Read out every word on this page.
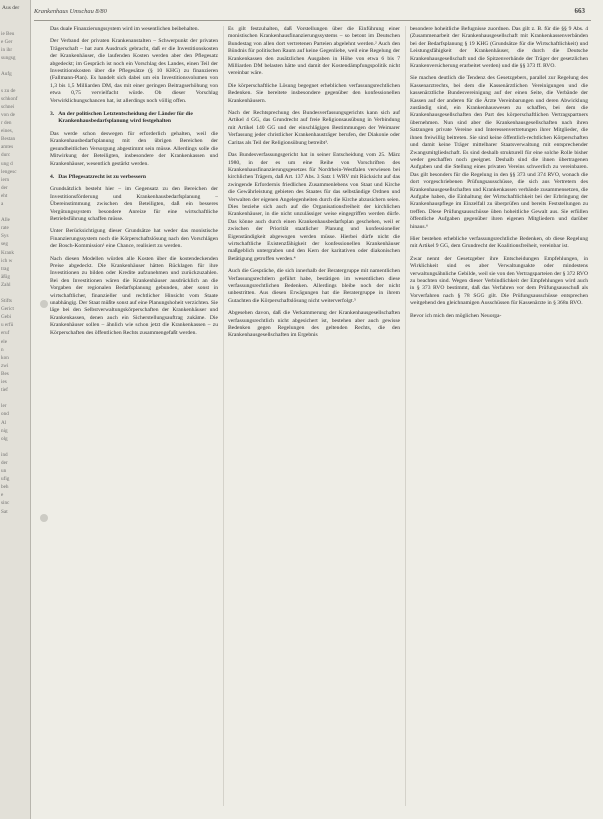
Aus der
ie Beu
e Ger
in ihr
sungsg

Aufg

s zu de
schkonf
schnei
von de
r den
eines,
Bestan
amtes
durc
ung d
lengesc
iern
der
eht
a

Alle
rate
Sys
seg
Krank
ich w
trag
äßig
Zahl

Stifts
Gerict
Gebi
u erfü
eruf
ele
n
kon
zwi
Bes
ies
tief

ler
ond
Al
nig
olg

ind
der
un
ufig
beh
e
sinc
Sat
Krankenhaus Umschau 8/80	663

Das duale Finanzierungssystem wird im wesentlichen beibehalten.

Der Verband der privaten Krankenanstalten – Schwerpunkt der privaten Trägerschaft – hat zum Ausdruck gebracht, daß er die Investitionskosten der Krankenhäuser, die laufenden Kosten werden aber den Pflegesatz abgedeckt; im Gespräch ist noch ein Vorschlag des Landes, einen Teil der Investitionskosten über die Pflegesätze (§ 10 KHG) zu finanzieren (Fallmann-Plan). Es handelt sich dabei um ein Investitionsvolumen von 1,3 bis 1,5 Milliarden DM, das mit einer geringen Beitragserhöhung von etwa 0,75 vervielfacht würde. Ob dieser Vorschlag Verwirklichungschancen hat, ist allerdings noch völlig offen.

3. An der politischen Letztentscheidung der Länder für die Krankenhausbedarfsplanung wird festgehalten

Das werde schon deswegen für erforderlich gehalten, weil die Krankenhausbedarfsplanung mit den übrigen Bereichen der gesundheitlichen Versorgung abgestimmt sein müsse. Allerdings solle die Mitwirkung der Beteiligten, insbesondere der Krankenkassen und Krankenhäuser, wesentlich gestärkt werden.

4. Das Pflegesatzrecht ist zu verbessern

Grundsätzlich besteht hier – im Gegensatz zu den Bereichen der Investitionsförderung und Krankenhausbedarfsplanung – Übereinstimmung zwischen den Beteiligten, daß ein besseres Vergütungssystem besondere Anreize für eine wirtschaftliche Betriebsführung schaffen müsse.

Unter Berücksichtigung dieser Grundsätze hat weder das monistische Finanzierungssystem noch die Körperschaftslösung nach den Vorschlägen der Bosch-Kommission¹ eine Chance, realisiert zu werden.

Nach diesen Modellen würden alle Kosten über die kostendeckenden Preise abgedeckt. Die Krankenhäuser hätten Rücklagen für ihre Investitionen zu bilden oder Kredite aufzunehmen und zurückzuzahlen. Bei den Investitionen wären die Krankenhäuser ausdrücklich an die Vorgaben der regionalen Bedarfsplanung gebunden, aber sonst in wirtschaftlicher, finanzieller und rechtlicher Hinsicht vom Staate unabhängig. Der Staat müßte sonst auf eine Planungshoheit verzichten. Sie läge bei den Selbstverwaltungskörperschaften der Krankenhäuser und Krankenkassen, denen auch ein Sicherstellungsauftrag zukäme. Die Krankenhäuser sollen – ähnlich wie schon jetzt die Krankenkassen – zu Körperschaften des öffentlichen Rechts zusammengefaßt werden.

Es gilt festzuhalten, daß Vorstellungen über die Einführung einer monistischen Krankenhausfinanzierungssystems – so betont im Deutschen Bundestag von allen dort vertretenen Parteien abgelehnt werden.² Auch den Bündnis für politischen Raum auf keine Gegenliebe, weil eine Regelung der Krankenkassen den zusätzlichen Ausgaben in Höhe von etwa 6 bis 7 Milliarden DM belasten hätte und damit der Kostendämpfungspolitik nicht vereinbar wäre.

Die körperschaftliche Lösung begegnet erheblichen verfassungsrechtlichen Bedenken. Sie bereitete insbesondere gegenüber den konfessionellen Krankenhäusern.

Nach der Rechtsprechung des Bundesverfassungsgerichts kann sich auf Artikel 4 GG, das Grundrecht auf freie Religionsausübung in Verbindung mit Artikel 140 GG und der einschlägigen Bestimmungen der Weimarer Verfassung jeder christlicher Krankenhausträger berufen, der Diakonie oder Caritas als Teil der Religionsübung betreibt³.

Das Bundesverfassungsgericht hat in seiner Entscheidung vom 25. März 1980, in der es um eine Reihe von Vorschriften des Krankenhausfinanzierungsgesetzes für Nordrhein-Westfalen verwiesen bei kirchlichen Trägern, daß Art. 137 Abs. 3 Satz 1 WRV mit Rücksicht auf das zwingende Erfordernis friedlichen Zusammenlebens von Staat und Kirche die Gewährleistung gebieten des Staates für das selbständige Ordnen und Verwalten der eigenen Angelegenheiten durch die Kirche abzusichern seien. Dies beziehe sich auch auf die Organisationsfreiheit der kirchlichen Krankenhäuser, in die nicht unzulässiger weise eingegriffen werden dürfe. Das könne auch durch einen Krankenhausbedarfsplan geschehen, weil er zwischen der Priorität staatlicher Planung und konfessioneller Eigenständigkeit abgewogen werden müsse. Hierbei dürfe nicht die wirtschaftliche Existenzfähigkeit der konfessionellen Krankenhäuser maßgeblich untergraben und den Kern der karitativen oder diakonischen Betätigung getroffen werden.⁴

Auch die Gespräche, die sich innerhalb der Beratergruppe mit namentlichen Verfassungsrechtlern geführt habe, bestätigen im wesentlichen diese verfassungsrechtlichen Bedenken. Allerdings bleibe noch der nicht unbestritten. Aus diesen Erwägungen hat die Beratergruppe in ihrem Gutachten die Körperschaftslösung nicht weiterverfolgt.⁵

Abgesehen davon, daß die Verkammerung der Krankenhausgesellschaften verfassungsrechtlich nicht abgesichert ist, bestehen aber auch gewisse Bedenken gegen Regelungen des geltenden Rechts, die den Krankenhausgesellschaften im Ergebnis

besondere hoheitliche Befugnisse zuordnen. Das gilt z. B. für die §§ 9 Abs. 4 (Zusammenarbeit der Krankenhausgesellschaft mit Krankenkassenverbänden bei der Bedarfsplanung § 19 KHG (Grundsätze für die Wirtschaftlichkeit) und Leistungsfähigkeit der Krankenhäuser, die durch die Deutsche Krankenhausgesellschaft und die Spitzenverbände der Träger der gesetzlichen Krankenversicherung erarbeitet werden) und die §§ 373 ff. RVO.

Sie machen deutlich die Tendenz des Gesetzgebers, parallel zur Regelung des Kassenarztrechts, bei dem die Kassenärztlichen Vereinigungen und die kassenärztliche Bundesvereinigung auf der einen Seite, die Verbände der Kassen auf der anderen für die Ärzte Vereinbarungen und deren Abwicklung zuständig sind, ein Krankenhauswesen zu schaffen, bei dem die Krankenhausgesellschaften den Part des körperschaftlichen Vertragspartners übernehmen. Nun sind aber die Krankenhausgesellschaften nach ihren Satzungen private Vereine und Interessenvertretungen ihrer Mitglieder, die ihnen freiwillig beitreten. Sie sind keine öffentlich-rechtlichen Körperschaften und damit keine Träger mittelbarer Staatsverwaltung mit entsprechender Zwangsmitgliedschaft. Es sind deshalb strukturell für eine solche Rolle bisher weder geschaffen noch geeignet. Deshalb sind die ihnen übertragenen Aufgaben und die Stellung eines privaten Vereins schwerlich zu vereinbaren. Das gilt besonders für die Regelung in den §§ 373 und 374 RVO, wonach die dort vorgeschriebenen Prüfungsausschüsse, die sich aus Vertretern des Krankenhausgesellschaften und Krankenkassen verbände zusammensetzen, die Aufgabe haben, die Einhaltung der Wirtschaftlichkeit bei der Erbringung der Krankenhauspflege im Einzelfall zu überprüfen und bereits Feststellungen zu treffen. Diese Prüfungsausschüsse üben hoheitliche Gewalt aus. Sie erfüllen öffentliche Aufgaben gegenüber ihren eigenen Mitgliedern und darüber hinaus.⁶

Hier bestehen erhebliche verfassungsrechtliche Bedenken, ob diese Regelung mit Artikel 9 GG, dem Grundrecht der Koalitionsfreiheit, vereinbar ist.

Zwar nennt der Gesetzgeber ihre Entscheidungen Empfehlungen, in Wirklichkeit sind es aber Verwaltungsakte oder mindestens verwaltungsähnliche Gebilde, weil sie von den Vertragsparteien der § 372 RVO zu beachten sind. Wegen dieser Verbindlichkeit der Empfehlungen wird auch in § 373 RVO bestimmt, daß das Verfahren vor dem Prüfungsausschuß als Vorverfahren nach § 78 SGG gilt. Die Prüfungsausschüsse entsprechen weitgehend den gleichnamigen Ausschüssen für Kassenärzte in § 368n RVO.

Bevor ich mich den möglichen Neuorga-
